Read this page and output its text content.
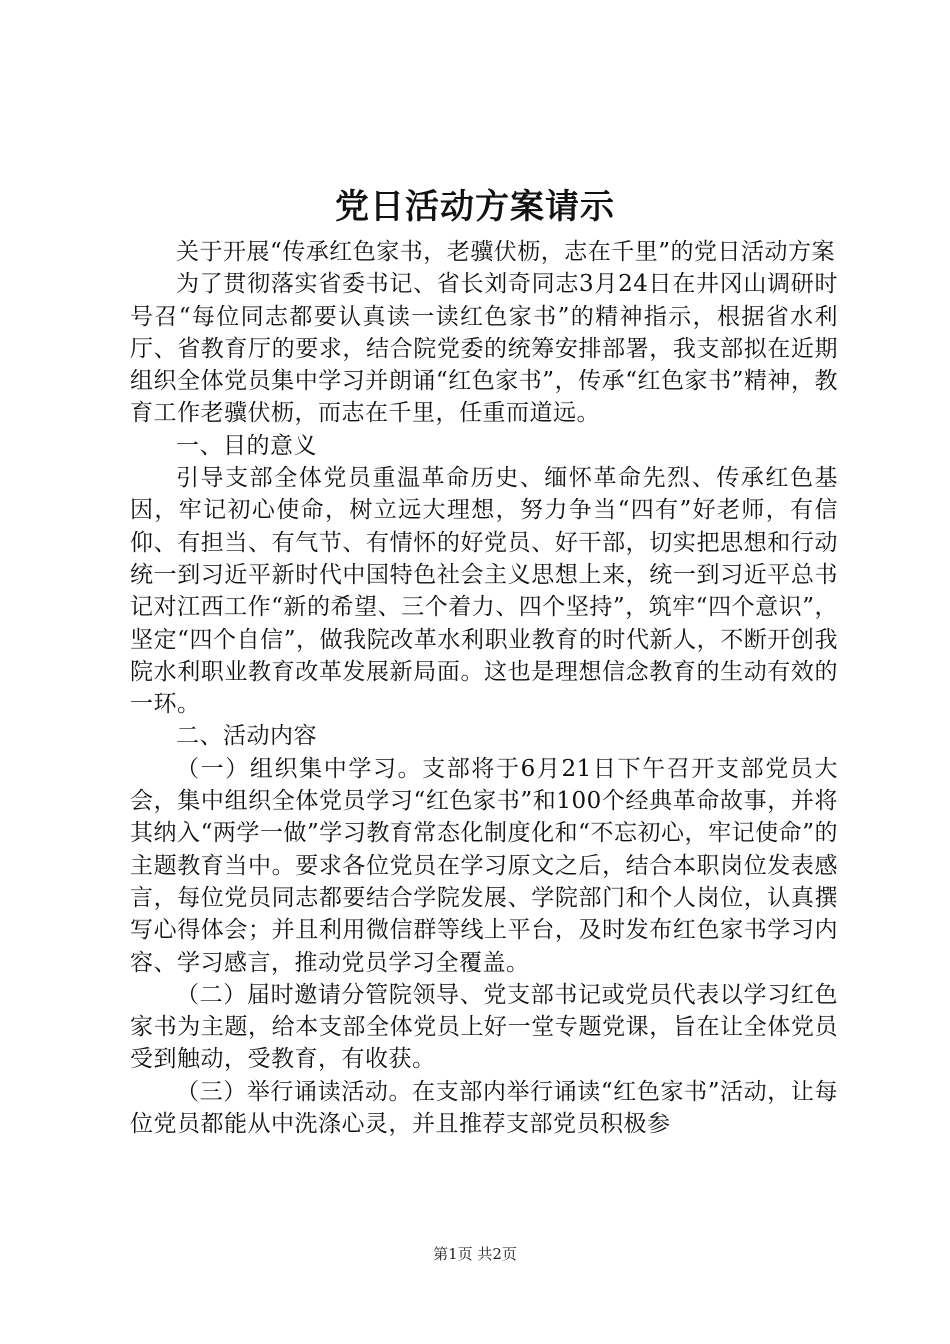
党日活动方案请示

关于开展“传承红色家书，老骥伏枥，志在千里”的党日活动方案

为了贯彻落实省委书记、省长刘奇同志3月24日在井冈山调研时号召“每位同志都要认真读一读红色家书”的精神指示，根据省水利厅、省教育厅的要求，结合院党委的统筹安排部署，我支部拟在近期组织全体党员集中学习并朗诵“红色家书”，传承“红色家书”精神，教育工作老骥伏枥，而志在千里，任重而道远。

一、目的意义

引导支部全体党员重温革命历史、缅怀革命先烈、传承红色基因，牢记初心使命，树立远大理想，努力争当“四有”好老师，有信仰、有担当、有气节、有情怀的好党员、好干部，切实把思想和行动统一到习近平新时代中国特色社会主义思想上来，统一到习近平总书记对江西工作“新的希望、三个着力、四个坚持”，筑牢“四个意识”，坚定“四个自信”，做我院改革水利职业教育的时代新人，不断开创我院水利职业教育改革发展新局面。这也是理想信念教育的生动有效的一环。

二、活动内容

（一）组织集中学习。支部将于6月21日下午召开支部党员大会，集中组织全体党员学习“红色家书”和100个经典革命故事，并将其纳入“两学一做”学习教育常态化制度化和“不忘初心，牢记使命”的主题教育当中。要求各位党员在学习原文之后，结合本职岗位发表感言，每位党员同志都要结合学院发展、学院部门和个人岗位，认真撰写心得体会；并且利用微信群等线上平台，及时发布红色家书学习内容、学习感言，推动党员学习全覆盖。

（二）届时邀请分管院领导、党支部书记或党员代表以学习红色家书为主题，给本支部全体党员上好一堂专题党课，旨在让全体党员受到触动，受教育，有收获。

（三）举行诵读活动。在支部内举行诵读“红色家书”活动，让每位党员都能从中洗涤心灵，并且推荐支部党员积极参

第1页 共2页
